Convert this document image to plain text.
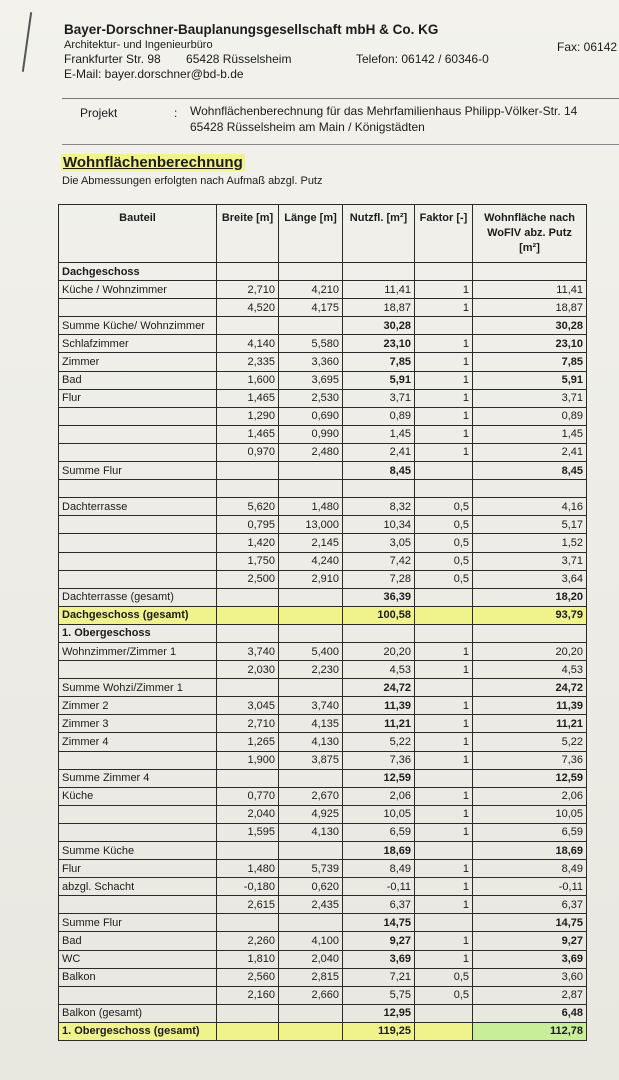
Bayer-Dorschner-Bauplanungsgesellschaft mbH & Co. KG
Architektur- und Ingenieurbüro
Frankfurter Str. 98 65428 Rüsselsheim
E-Mail: bayer.dorschner@bd-b.de
Telefon: 06142 / 60346-0
Fax: 06142
Projekt	: Wohnflächenberechnung für das Mehrfamilienhaus Philipp-Völker-Str. 14
65428 Rüsselsheim am Main / Königstädten
Wohnflächenberechnung
Die Abmessungen erfolgten nach Aufmaß abzgl. Putz
Bauteil	Breite [m]	Länge [m]	Nutzfl. [m²]	Faktor [-]	Wohnfläche nach WoFlV abz. Putz [m²]
Dachgeschoss					
Küche / Wohnzimmer	2,710	4,210	11,41	1	11,41
	4,520	4,175	18,87	1	18,87
Summe Küche/ Wohnzimmer			30,28		30,28
Schlafzimmer	4,140	5,580	23,10	1	23,10
Zimmer	2,335	3,360	7,85	1	7,85
Bad	1,600	3,695	5,91	1	5,91
Flur	1,465	2,530	3,71	1	3,71
	1,290	0,690	0,89	1	0,89
	1,465	0,990	1,45	1	1,45
	0,970	2,480	2,41	1	2,41
Summe Flur			8,45		8,45

Dachterrasse	5,620	1,480	8,32	0,5	4,16
	0,795	13,000	10,34	0,5	5,17
	1,420	2,145	3,05	0,5	1,52
	1,750	4,240	7,42	0,5	3,71
	2,500	2,910	7,28	0,5	3,64
Dachterrasse (gesamt)			36,39		18,20
Dachgeschoss (gesamt)			100,58		93,79
1. Obergeschoss					
Wohnzimmer/Zimmer 1	3,740	5,400	20,20	1	20,20
	2,030	2,230	4,53	1	4,53
Summe Wohzi/Zimmer 1			24,72		24,72
Zimmer 2	3,045	3,740	11,39	1	11,39
Zimmer 3	2,710	4,135	11,21	1	11,21
Zimmer 4	1,265	4,130	5,22	1	5,22
	1,900	3,875	7,36	1	7,36
Summe Zimmer 4			12,59		12,59
Küche	0,770	2,670	2,06	1	2,06
	2,040	4,925	10,05	1	10,05
	1,595	4,130	6,59	1	6,59
Summe Küche			18,69		18,69
Flur	1,480	5,739	8,49	1	8,49
abzgl. Schacht	-0,180	0,620	-0,11	1	-0,11
	2,615	2,435	6,37	1	6,37
Summe Flur			14,75		14,75
Bad	2,260	4,100	9,27	1	9,27
WC	1,810	2,040	3,69	1	3,69
Balkon	2,560	2,815	7,21	0,5	3,60
	2,160	2,660	5,75	0,5	2,87
Balkon (gesamt)			12,95		6,48
1. Obergeschoss (gesamt)			119,25		112,78
